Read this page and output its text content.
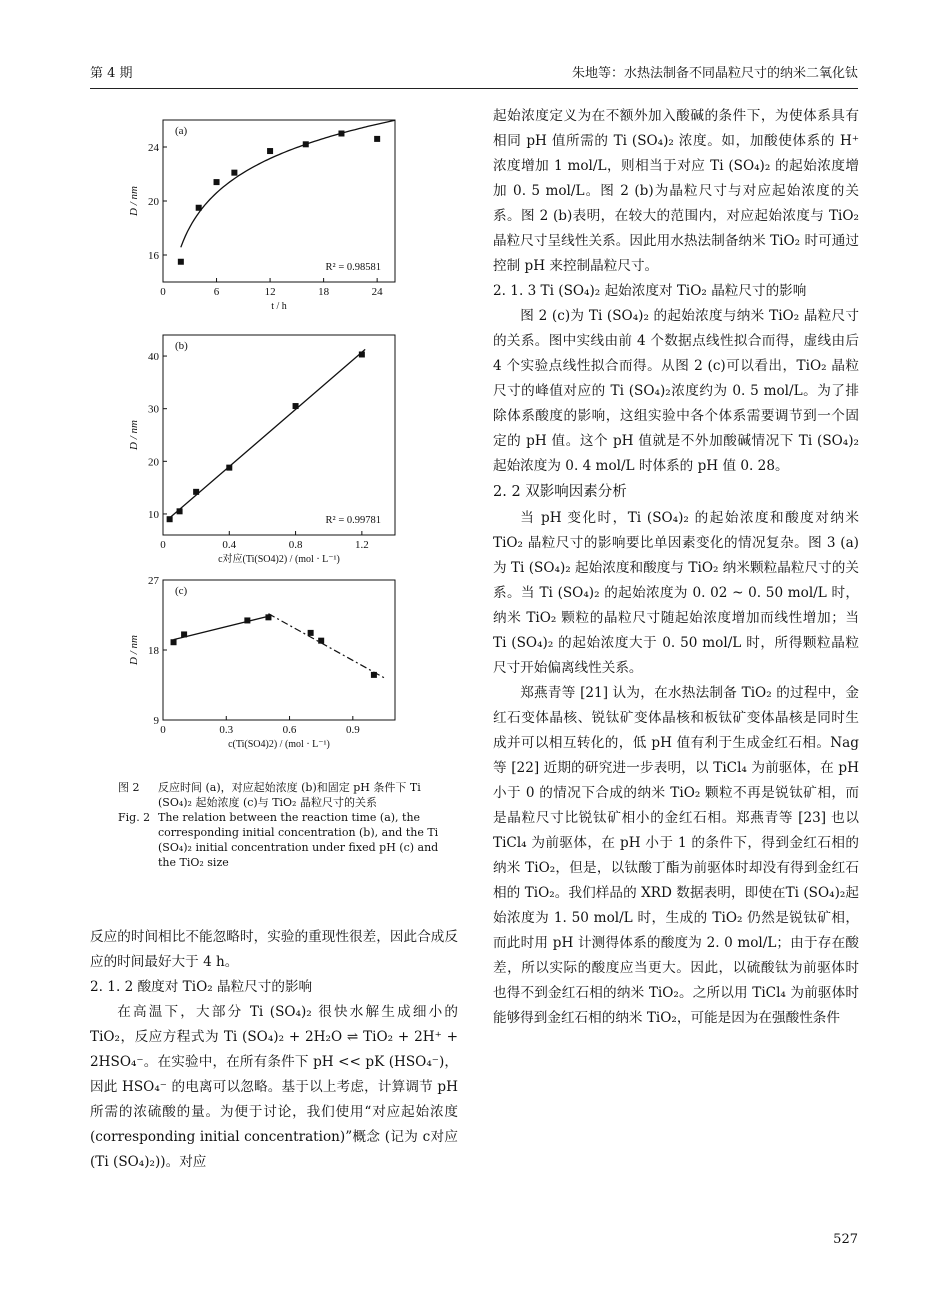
第 4 期	朱地等：水热法制备不同晶粒尺寸的纳米二氧化钛
(a)
0	6	12	18	24
16
20
24
t / h
D / nm
R² = 0.98581
(b)
0	0.4	0.8	1.2
10
20
30
40
c对应(Ti(SO4)2) / (mol · L⁻¹)
D / nm
R² = 0.99781
(c)
0	0.3	0.6	0.9
9
18
27
c(Ti(SO4)2) / (mol · L⁻¹)
D / nm
图 2	反应时间 (a)，对应起始浓度 (b)和固定 pH 条件下 Ti (SO₄)₂ 起始浓度 (c)与 TiO₂ 晶粒尺寸的关系
Fig. 2 The relation between the reaction time (a), the corresponding initial concentration (b), and the Ti (SO₄)₂ initial concentration under fixed pH (c) and the TiO₂ size

反应的时间相比不能忽略时，实验的重现性很差，因此合成反应的时间最好大于 4 h。

2. 1. 2 酸度对 TiO₂ 晶粒尺寸的影响

在高温下，大部分 Ti (SO₄)₂ 很快水解生成细小的 TiO₂，反应方程式为 Ti (SO₄)₂ + 2H₂O ⇌ TiO₂ + 2H⁺ + 2HSO₄⁻。在实验中，在所有条件下 pH << pK (HSO₄⁻)，因此 HSO₄⁻ 的电离可以忽略。基于以上考虑，计算调节 pH 所需的浓硫酸的量。为便于讨论，我们使用“对应起始浓度 (corresponding initial concentration)”概念 (记为 c对应 (Ti (SO₄)₂))。对应

起始浓度定义为在不额外加入酸碱的条件下，为使体系具有相同 pH 值所需的 Ti (SO₄)₂ 浓度。如，加酸使体系的 H⁺ 浓度增加 1 mol/L，则相当于对应 Ti (SO₄)₂ 的起始浓度增加 0. 5 mol/L。图 2 (b)为晶粒尺寸与对应起始浓度的关系。图 2 (b)表明，在较大的范围内，对应起始浓度与 TiO₂ 晶粒尺寸呈线性关系。因此用水热法制备纳米 TiO₂ 时可通过控制 pH 来控制晶粒尺寸。

2. 1. 3 Ti (SO₄)₂ 起始浓度对 TiO₂ 晶粒尺寸的影响

图 2 (c)为 Ti (SO₄)₂ 的起始浓度与纳米 TiO₂ 晶粒尺寸的关系。图中实线由前 4 个数据点线性拟合而得，虚线由后 4 个实验点线性拟合而得。从图 2 (c)可以看出，TiO₂ 晶粒尺寸的峰值对应的 Ti (SO₄)₂浓度约为 0. 5 mol/L。为了排除体系酸度的影响，这组实验中各个体系需要调节到一个固定的 pH 值。这个 pH 值就是不外加酸碱情况下 Ti (SO₄)₂起始浓度为 0. 4 mol/L 时体系的 pH 值 0. 28。

2. 2 双影响因素分析

当 pH 变化时，Ti (SO₄)₂ 的起始浓度和酸度对纳米 TiO₂ 晶粒尺寸的影响要比单因素变化的情况复杂。图 3 (a)为 Ti (SO₄)₂ 起始浓度和酸度与 TiO₂ 纳米颗粒晶粒尺寸的关系。当 Ti (SO₄)₂ 的起始浓度为 0. 02 ~ 0. 50 mol/L 时，纳米 TiO₂ 颗粒的晶粒尺寸随起始浓度增加而线性增加；当 Ti (SO₄)₂ 的起始浓度大于 0. 50 mol/L 时，所得颗粒晶粒尺寸开始偏离线性关系。

郑燕青等 [21] 认为，在水热法制备 TiO₂ 的过程中，金红石变体晶核、锐钛矿变体晶核和板钛矿变体晶核是同时生成并可以相互转化的，低 pH 值有利于生成金红石相。Nag 等 [22] 近期的研究进一步表明，以 TiCl₄ 为前驱体，在 pH 小于 0 的情况下合成的纳米 TiO₂ 颗粒不再是锐钛矿相，而是晶粒尺寸比锐钛矿相小的金红石相。郑燕青等 [23] 也以 TiCl₄ 为前驱体，在 pH 小于 1 的条件下，得到金红石相的纳米 TiO₂，但是，以钛酸丁酯为前驱体时却没有得到金红石相的 TiO₂。我们样品的 XRD 数据表明，即使在Ti (SO₄)₂起始浓度为 1. 50 mol/L 时，生成的 TiO₂ 仍然是锐钛矿相，而此时用 pH 计测得体系的酸度为 2. 0 mol/L；由于存在酸差，所以实际的酸度应当更大。因此，以硫酸钛为前驱体时也得不到金红石相的纳米 TiO₂。之所以用 TiCl₄ 为前驱体时能够得到金红石相的纳米 TiO₂，可能是因为在强酸性条件

527
